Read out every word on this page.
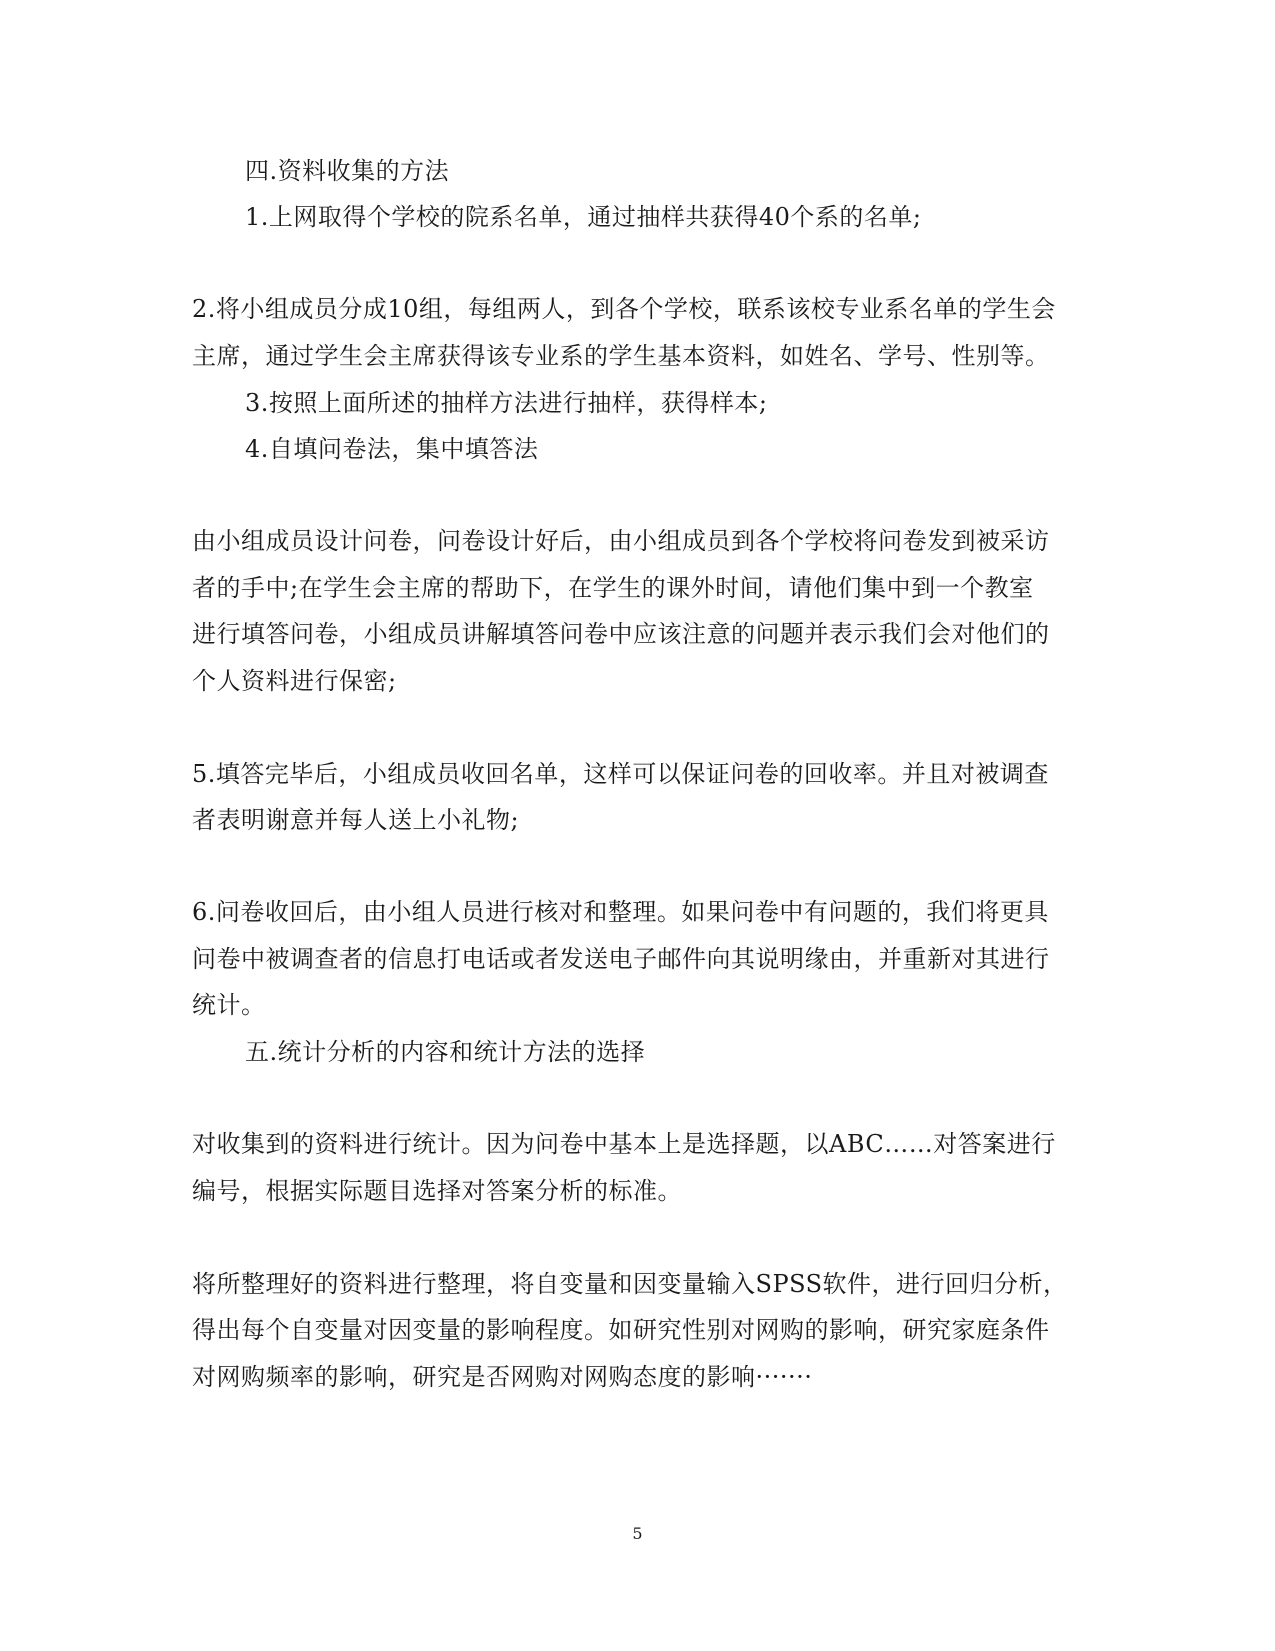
四.资料收集的方法
1.上网取得个学校的院系名单，通过抽样共获得40个系的名单;
2.将小组成员分成10组，每组两人，到各个学校，联系该校专业系名单的学生会
主席，通过学生会主席获得该专业系的学生基本资料，如姓名、学号、性别等。
3.按照上面所述的抽样方法进行抽样，获得样本;
4.自填问卷法，集中填答法
由小组成员设计问卷，问卷设计好后，由小组成员到各个学校将问卷发到被采访
者的手中;在学生会主席的帮助下，在学生的课外时间，请他们集中到一个教室
进行填答问卷，小组成员讲解填答问卷中应该注意的问题并表示我们会对他们的
个人资料进行保密;
5.填答完毕后，小组成员收回名单，这样可以保证问卷的回收率。并且对被调查
者表明谢意并每人送上小礼物;
6.问卷收回后，由小组人员进行核对和整理。如果问卷中有问题的，我们将更具
问卷中被调查者的信息打电话或者发送电子邮件向其说明缘由，并重新对其进行
统计。
五.统计分析的内容和统计方法的选择
对收集到的资料进行统计。因为问卷中基本上是选择题，以ABC……对答案进行
编号，根据实际题目选择对答案分析的标准。
将所整理好的资料进行整理，将自变量和因变量输入SPSS软件，进行回归分析，
得出每个自变量对因变量的影响程度。如研究性别对网购的影响，研究家庭条件
对网购频率的影响，研究是否网购对网购态度的影响·······
5
